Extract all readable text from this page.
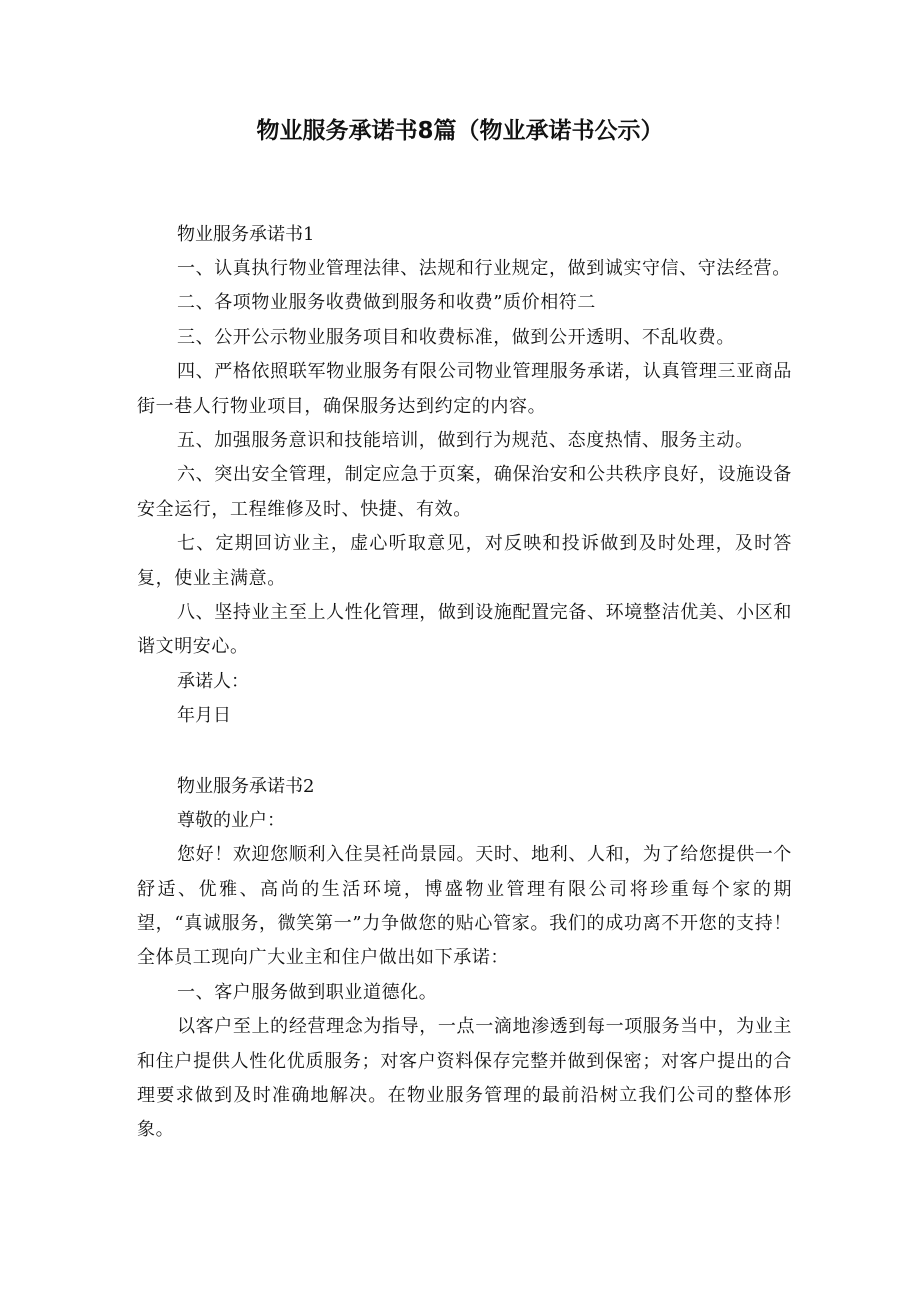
物业服务承诺书8篇（物业承诺书公示）

物业服务承诺书1

一、认真执行物业管理法律、法规和行业规定，做到诚实守信、守法经营。

二、各项物业服务收费做到服务和收费”质价相符二

三、公开公示物业服务项目和收费标准，做到公开透明、不乱收费。

四、严格依照联军物业服务有限公司物业管理服务承诺，认真管理三亚商品街一巷人行物业项目，确保服务达到约定的内容。

五、加强服务意识和技能培训，做到行为规范、态度热情、服务主动。

六、突出安全管理，制定应急于页案，确保治安和公共秩序良好，设施设备安全运行，工程维修及时、快捷、有效。

七、定期回访业主，虚心听取意见，对反映和投诉做到及时处理，及时答复，使业主满意。

八、坚持业主至上人性化管理，做到设施配置完备、环境整洁优美、小区和谐文明安心。

承诺人：

年月日

物业服务承诺书2

尊敬的业户：

您好！欢迎您顺利入住昊衽尚景园。天时、地利、人和，为了给您提供一个舒适、优雅、高尚的生活环境，博盛物业管理有限公司将珍重每个家的期望，“真诚服务，微笑第一”力争做您的贴心管家。我们的成功离不开您的支持！全体员工现向广大业主和住户做出如下承诺：

一、客户服务做到职业道德化。

以客户至上的经营理念为指导，一点一滴地渗透到每一项服务当中，为业主和住户提供人性化优质服务；对客户资料保存完整并做到保密；对客户提出的合理要求做到及时准确地解决。在物业服务管理的最前沿树立我们公司的整体形象。
